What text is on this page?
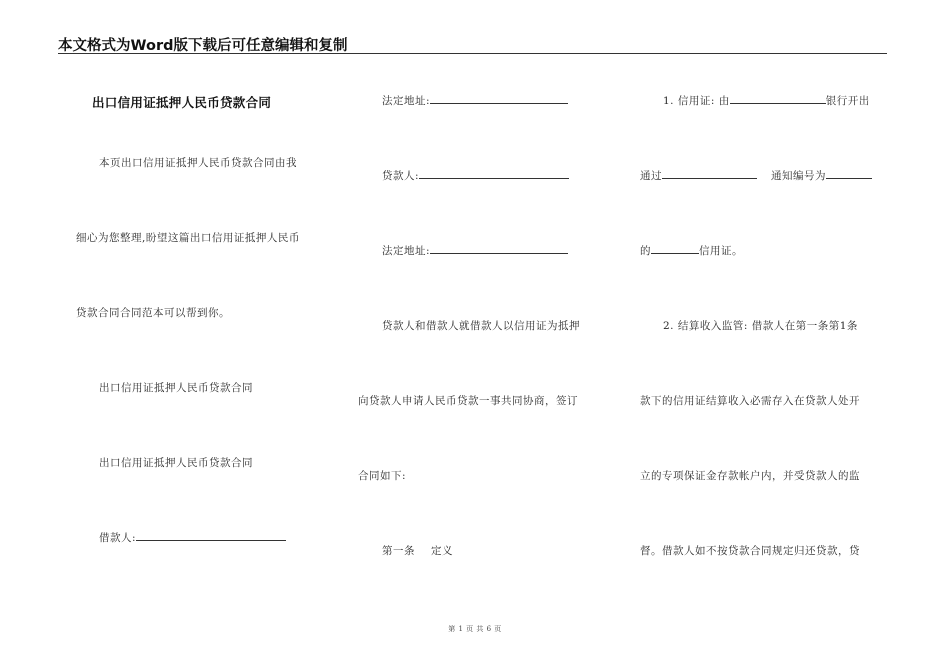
本文格式为Word版下载后可任意编辑和复制
出口信用证抵押人民币贷款合同
本页出口信用证抵押人民币贷款合同由我
细心为您整理,盼望这篇出口信用证抵押人民币
贷款合同合同范本可以帮到你。
出口信用证抵押人民币贷款合同
出口信用证抵押人民币贷款合同
借款人:
法定地址:
贷款人:
法定地址:
贷款人和借款人就借款人以信用证为抵押
向贷款人申请人民币贷款一事共同协商，签订
合同如下:
第一条 定义
1. 信用证: 由	银行开出
通过	通知编号为
的	信用证。
2. 结算收入监管: 借款人在第一条第1条
款下的信用证结算收入必需存入在贷款人处开
立的专项保证金存款帐户内，并受贷款人的监
督。借款人如不按贷款合同规定归还贷款，贷
第 1 页 共 6 页
